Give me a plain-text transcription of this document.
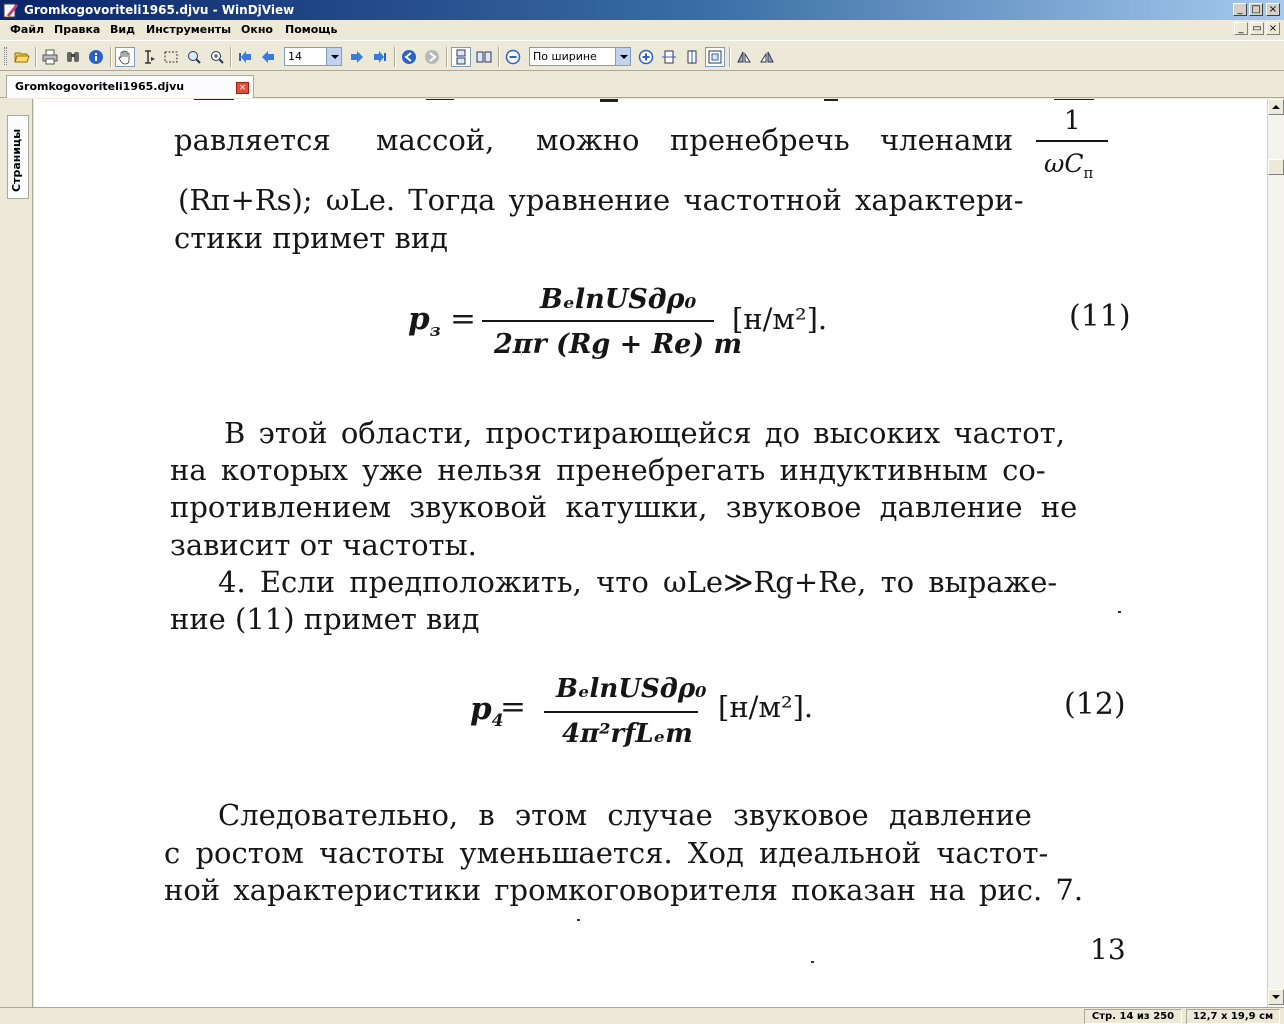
Gromkogovoriteli1965.djvu - WinDjView	_ □ ×
Файл Правка Вид Инструменты Окно Помощь	_ ▭ ×
14	По ширине
Gromkogovoriteli1965.djvu	×
Страницы	равляется массой, можно пренебречь членами
1
$\omega C_п$
(Rп+Rs); ωLe. Тогда уравнение частотной характери-
стики примет вид
$p_з$ =
BₑlпUSдρ₀
2πr (Rg + Re) m
[н/м²].	(11)
В этой области, простирающейся до высоких частот,
на которых уже нельзя пренебрегать индуктивным со-
противлением звуковой катушки, звуковое давление не
зависит от частоты.
4. Если предположить, что ωLe≫Rg+Re, то выраже-
ние (11) примет вид
$p_4$
= BₑlпUSдρ₀
4π²rfLₑm
[н/м²].	(12)
Следовательно, в этом случае звуковое давление
с ростом частоты уменьшается. Ход идеальной частот-
ной характеристики громкоговорителя показан на рис. 7.
13
Стр. 14 из 250	12,7 x 19,9 см
